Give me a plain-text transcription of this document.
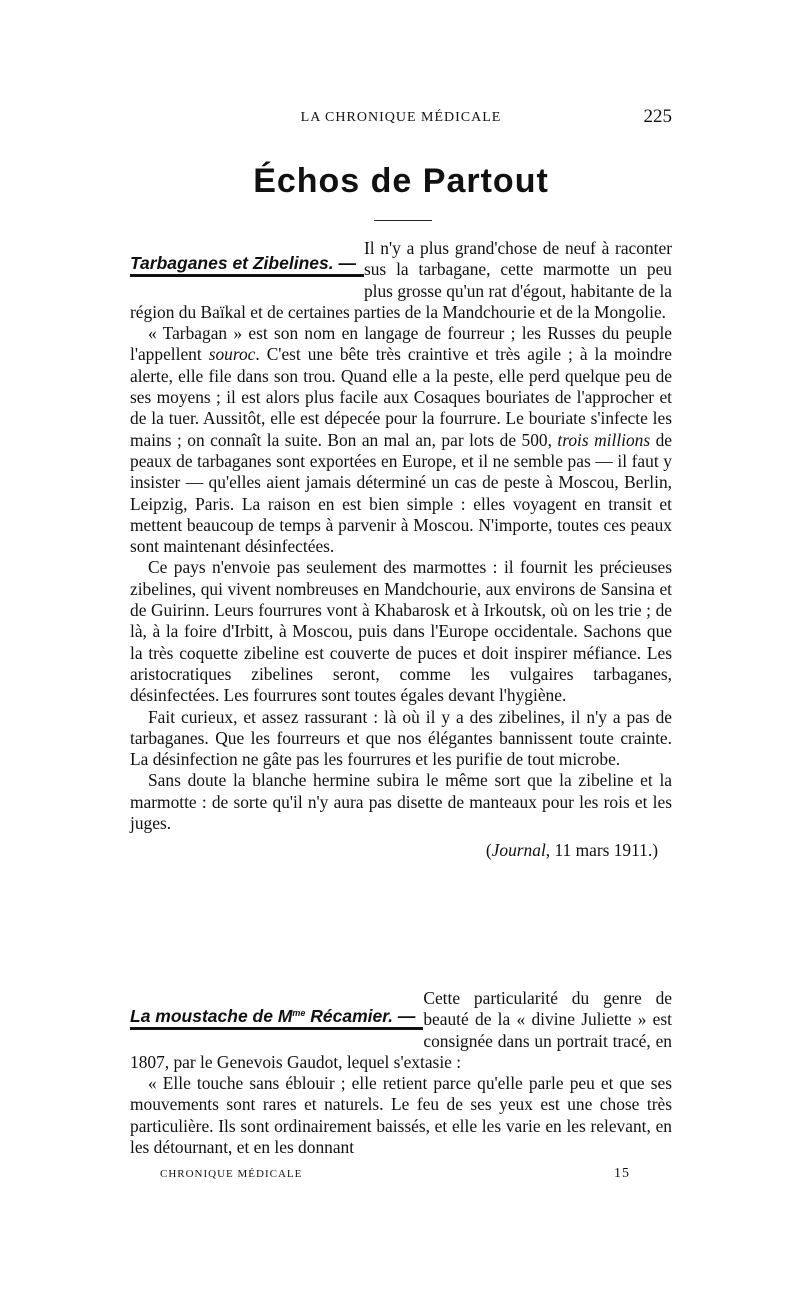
LA CHRONIQUE MÉDICALE	225
Échos de Partout
Tarbaganes et Zibelines. —

Il n'y a plus grand'chose de neuf à raconter sus la tarbagane, cette marmotte un peu plus grosse qu'un rat d'égout, habitante de la région du Baïkal et de certaines parties de la Mandchourie et de la Mongolie.

« Tarbagan » est son nom en langage de fourreur ; les Russes du peuple l'appellent souroc. C'est une bête très craintive et très agile ; à la moindre alerte, elle file dans son trou. Quand elle a la peste, elle perd quelque peu de ses moyens ; il est alors plus facile aux Cosaques bouriates de l'approcher et de la tuer. Aussitôt, elle est dépecée pour la fourrure. Le bouriate s'infecte les mains ; on connaît la suite. Bon an mal an, par lots de 500, trois millions de peaux de tarbaganes sont exportées en Europe, et il ne semble pas — il faut y insister — qu'elles aient jamais déterminé un cas de peste à Moscou, Berlin, Leipzig, Paris. La raison en est bien simple : elles voyagent en transit et mettent beaucoup de temps à parvenir à Moscou. N'importe, toutes ces peaux sont maintenant désinfectées.

Ce pays n'envoie pas seulement des marmottes : il fournit les précieuses zibelines, qui vivent nombreuses en Mandchourie, aux environs de Sansina et de Guirinn. Leurs fourrures vont à Khabarosk et à Irkoutsk, où on les trie ; de là, à la foire d'Irbitt, à Moscou, puis dans l'Europe occidentale. Sachons que la très coquette zibeline est couverte de puces et doit inspirer méfiance. Les aristocratiques zibelines seront, comme les vulgaires tarbaganes, désinfectées. Les fourrures sont toutes égales devant l'hygiène.

Fait curieux, et assez rassurant : là où il y a des zibelines, il n'y a pas de tarbaganes. Que les fourreurs et que nos élégantes bannissent toute crainte. La désinfection ne gâte pas les fourrures et les purifie de tout microbe.

Sans doute la blanche hermine subira le même sort que la zibeline et la marmotte : de sorte qu'il n'y aura pas disette de manteaux pour les rois et les juges.

(Journal, 11 mars 1911.)

La moustache de $M^{me}$ Récamier. —

Cette particularité du genre de beauté de la « divine Juliette » est consignée dans un portrait tracé, en 1807, par le Genevois Gaudot, lequel s'extasie :

« Elle touche sans éblouir ; elle retient parce qu'elle parle peu et que ses mouvements sont rares et naturels. Le feu de ses yeux est une chose très particulière. Ils sont ordinairement baissés, et elle les varie en les relevant, en les détournant, et en les donnant

CHRONIQUE MÉDICALE	15
